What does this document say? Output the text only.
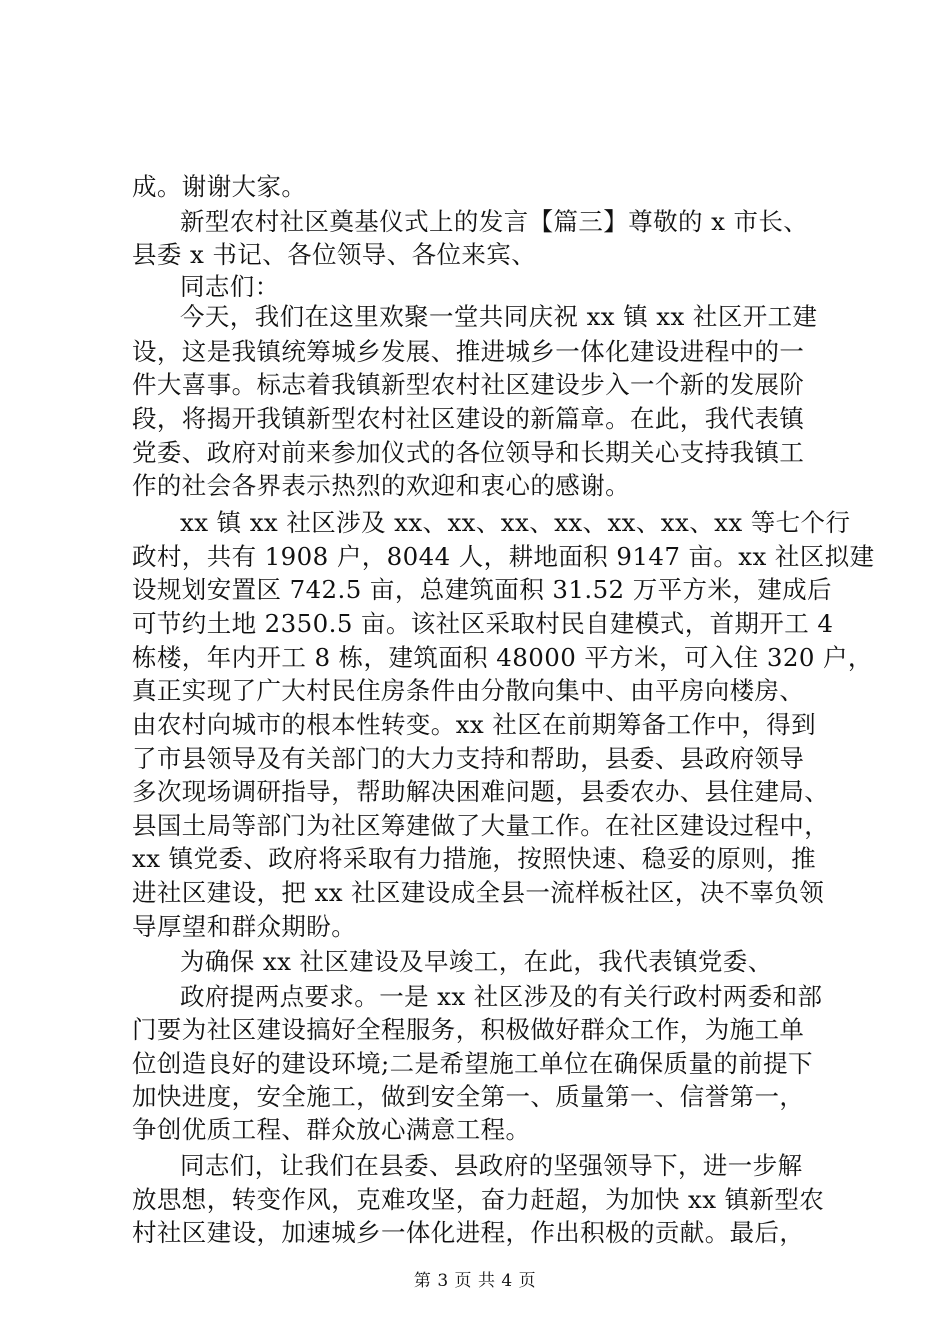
成。谢谢大家。
新型农村社区奠基仪式上的发言【篇三】尊敬的 x 市长、
县委 x 书记、各位领导、各位来宾、
同志们：
今天，我们在这里欢聚一堂共同庆祝 xx 镇 xx 社区开工建
设，这是我镇统筹城乡发展、推进城乡一体化建设进程中的一
件大喜事。标志着我镇新型农村社区建设步入一个新的发展阶
段，将揭开我镇新型农村社区建设的新篇章。在此，我代表镇
党委、政府对前来参加仪式的各位领导和长期关心支持我镇工
作的社会各界表示热烈的欢迎和衷心的感谢。
xx 镇 xx 社区涉及 xx、xx、xx、xx、xx、xx、xx 等七个行
政村，共有 1908 户，8044 人，耕地面积 9147 亩。xx 社区拟建
设规划安置区 742.5 亩，总建筑面积 31.52 万平方米，建成后
可节约土地 2350.5 亩。该社区采取村民自建模式，首期开工 4
栋楼，年内开工 8 栋，建筑面积 48000 平方米，可入住 320 户，
真正实现了广大村民住房条件由分散向集中、由平房向楼房、
由农村向城市的根本性转变。xx 社区在前期筹备工作中，得到
了市县领导及有关部门的大力支持和帮助，县委、县政府领导
多次现场调研指导，帮助解决困难问题，县委农办、县住建局、
县国土局等部门为社区筹建做了大量工作。在社区建设过程中，
xx 镇党委、政府将采取有力措施，按照快速、稳妥的原则，推
进社区建设，把 xx 社区建设成全县一流样板社区，决不辜负领
导厚望和群众期盼。
为确保 xx 社区建设及早竣工，在此，我代表镇党委、
政府提两点要求。一是 xx 社区涉及的有关行政村两委和部
门要为社区建设搞好全程服务，积极做好群众工作，为施工单
位创造良好的建设环境;二是希望施工单位在确保质量的前提下
加快进度，安全施工，做到安全第一、质量第一、信誉第一，
争创优质工程、群众放心满意工程。
同志们，让我们在县委、县政府的坚强领导下，进一步解
放思想，转变作风，克难攻坚，奋力赶超，为加快 xx 镇新型农
村社区建设，加速城乡一体化进程，作出积极的贡献。最后，
第 3 页 共 4 页
